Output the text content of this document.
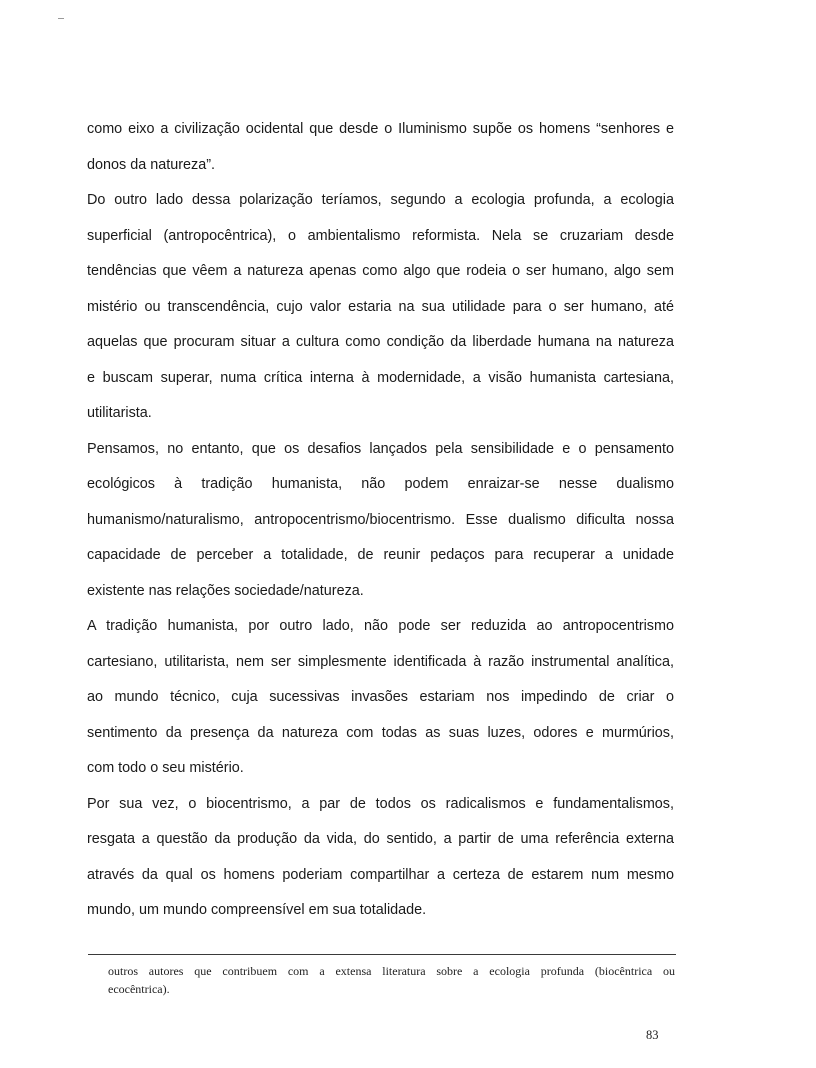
como eixo a civilização ocidental que desde o Iluminismo supõe os homens “senhores e

donos da natureza”.

Do outro lado dessa polarização teríamos, segundo a ecologia profunda, a ecologia

superficial (antropocêntrica), o ambientalismo reformista. Nela se cruzariam desde

tendências que vêem a natureza apenas como algo que rodeia o ser humano, algo sem

mistério ou transcendência, cujo valor estaria na sua utilidade para o ser humano, até

aquelas que procuram situar a cultura como condição da liberdade humana na natureza

e buscam superar, numa crítica interna à modernidade, a visão humanista cartesiana,

utilitarista.

Pensamos, no entanto, que os desafios lançados pela sensibilidade e o pensamento

ecológicos à tradição humanista, não podem enraizar-se nesse dualismo

humanismo/naturalismo, antropocentrismo/biocentrismo. Esse dualismo dificulta nossa

capacidade de perceber a totalidade, de reunir pedaços para recuperar a unidade

existente nas relações sociedade/natureza.

A tradição humanista, por outro lado, não pode ser reduzida ao antropocentrismo

cartesiano, utilitarista, nem ser simplesmente identificada à razão instrumental analítica,

ao mundo técnico, cuja sucessivas invasões estariam nos impedindo de criar o

sentimento da presença da natureza com todas as suas luzes, odores e murmúrios,

com todo o seu mistério.

Por sua vez, o biocentrismo, a par de todos os radicalismos e fundamentalismos,

resgata a questão da produção da vida, do sentido, a partir de uma referência externa

através da qual os homens poderiam compartilhar a certeza de estarem num mesmo

mundo, um mundo compreensível em sua totalidade.

outros autores que contribuem com a extensa literatura sobre a ecologia profunda (biocêntrica ou

ecocêntrica).

83
